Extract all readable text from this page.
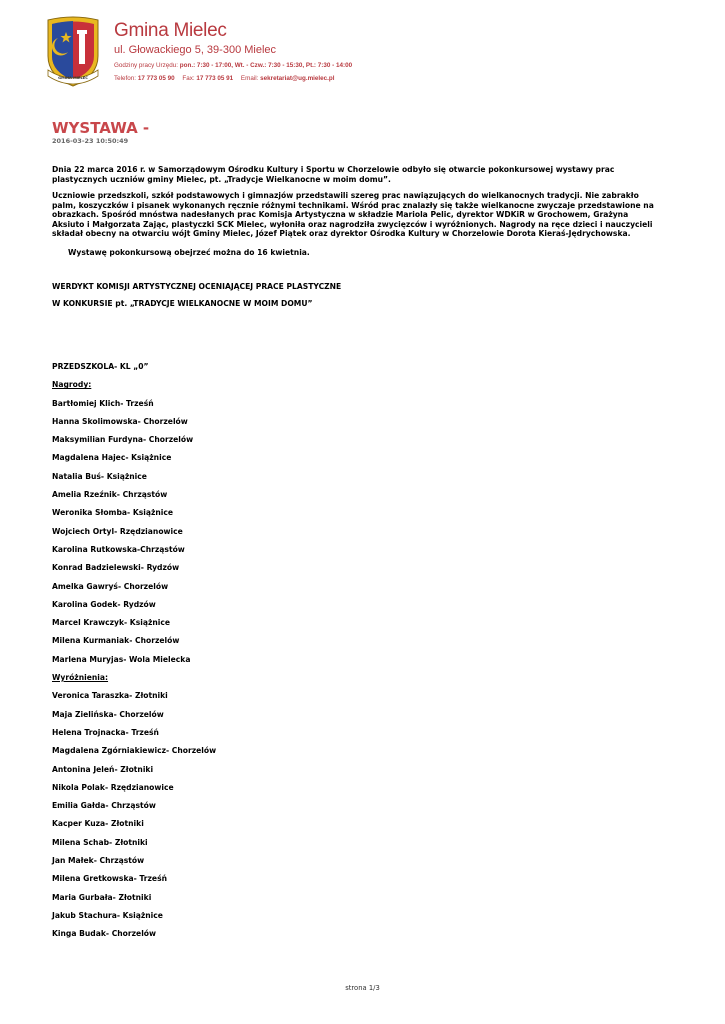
GMINA MIELEC
Gmina Mielec
ul. Głowackiego 5, 39-300 Mielec
Godziny pracy Urzędu: pon.: 7:30 - 17:00, Wt. - Czw.: 7:30 - 15:30, Pt.: 7:30 - 14:00
Telefon: 17 773 05 90 Fax: 17 773 05 91 Email: sekretariat@ug.mielec.pl
WYSTAWA -
2016-03-23 10:50:49

Dnia 22 marca 2016 r. w Samorządowym Ośrodku Kultury i Sportu w Chorzelowie odbyło się otwarcie pokonkursowej wystawy prac plastycznych uczniów gminy Mielec, pt. „Tradycje Wielkanocne w moim domu”.

Uczniowie przedszkoli, szkół podstawowych i gimnazjów przedstawili szereg prac nawiązujących do wielkanocnych tradycji. Nie zabrakło palm, koszyczków i pisanek wykonanych ręcznie różnymi technikami. Wśród prac znalazły się także wielkanocne zwyczaje przedstawione na obrazkach. Spośród mnóstwa nadesłanych prac Komisja Artystyczna w składzie Mariola Pelic, dyrektor WDKiR w Grochowem, Grażyna Aksiuto i Małgorzata Zając, plastyczki SCK Mielec, wyłoniła oraz nagrodziła zwycięzców i wyróżnionych. Nagrody na ręce dzieci i nauczycieli składał obecny na otwarciu wójt Gminy Mielec, Józef Piątek oraz dyrektor Ośrodka Kultury w Chorzelowie Dorota Kieraś-Jędrychowska.

Wystawę pokonkursową obejrzeć można do 16 kwietnia.

WERDYKT KOMISJI ARTYSTYCZNEJ OCENIAJĄCEJ PRACE PLASTYCZNE

W KONKURSIE pt. „TRADYCJE WIELKANOCNE W MOIM DOMU”

PRZEDSZKOLA- KL „0”
Nagrody:
Bartłomiej Klich- Trześń
Hanna Skolimowska- Chorzelów
Maksymilian Furdyna- Chorzelów
Magdalena Hajec- Książnice
Natalia Buś- Książnice
Amelia Rzeźnik- Chrząstów
Weronika Słomba- Książnice
Wojciech Ortyl- Rzędzianowice
Karolina Rutkowska-Chrząstów
Konrad Badzielewski- Rydzów
Amelka Gawryś- Chorzelów
Karolina Godek- Rydzów
Marcel Krawczyk- Książnice
Milena Kurmaniak- Chorzelów
Marlena Muryjas- Wola Mielecka
Wyróżnienia:
Veronica Taraszka- Złotniki
Maja Zielińska- Chorzelów
Helena Trojnacka- Trześń
Magdalena Zgórniakiewicz- Chorzelów
Antonina Jeleń- Złotniki
Nikola Polak- Rzędzianowice
Emilia Gałda- Chrząstów
Kacper Kuza- Złotniki
Milena Schab- Złotniki
Jan Małek- Chrząstów
Milena Gretkowska- Trześń
Maria Gurbała- Złotniki
Jakub Stachura- Książnice
Kinga Budak- Chorzelów
strona 1/3
